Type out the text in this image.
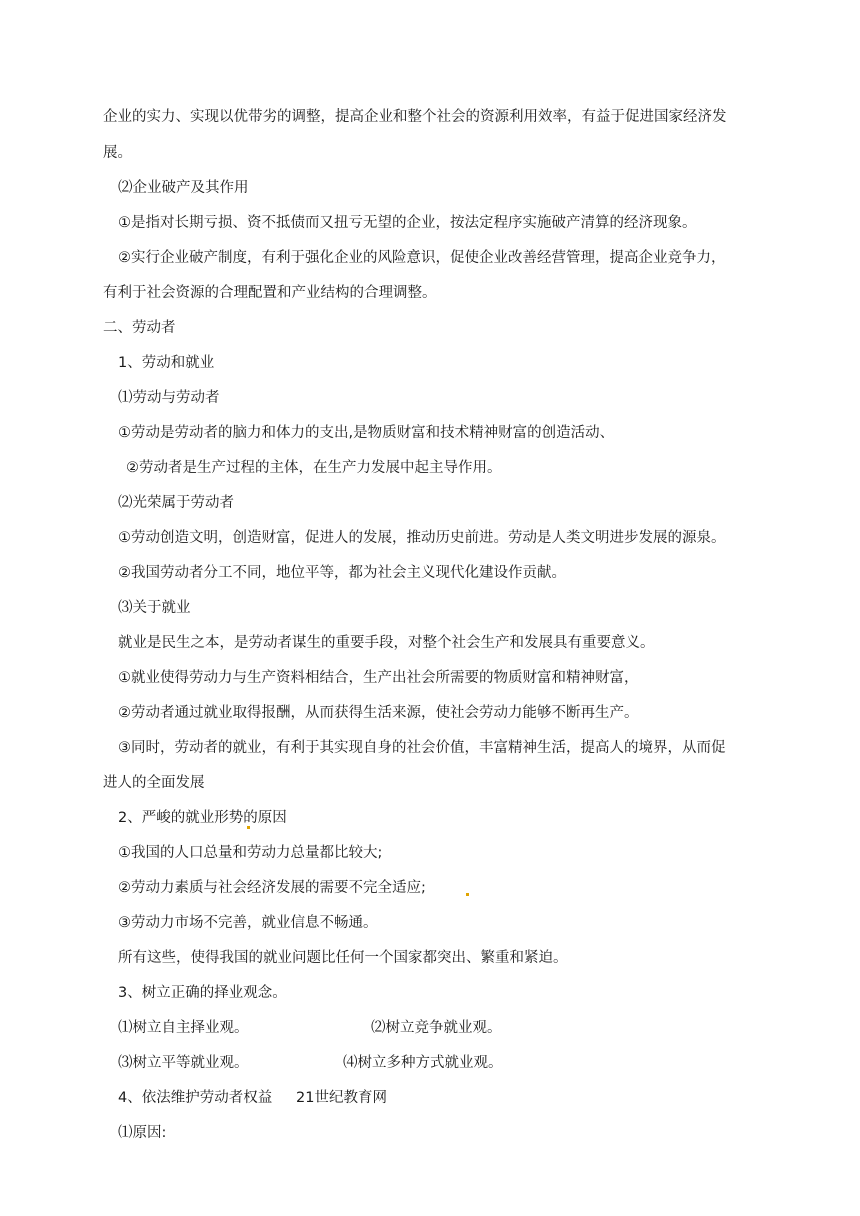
企业的实力、实现以优带劣的调整，提高企业和整个社会的资源利用效率，有益于促进国家经济发
展。
⑵企业破产及其作用
①是指对长期亏损、资不抵债而又扭亏无望的企业，按法定程序实施破产清算的经济现象。
②实行企业破产制度，有利于强化企业的风险意识，促使企业改善经营管理，提高企业竞争力，
有利于社会资源的合理配置和产业结构的合理调整。
二、劳动者
1、劳动和就业
⑴劳动与劳动者
①劳动是劳动者的脑力和体力的支出,是物质财富和技术精神财富的创造活动、
②劳动者是生产过程的主体，在生产力发展中起主导作用。
⑵光荣属于劳动者
①劳动创造文明，创造财富，促进人的发展，推动历史前进。劳动是人类文明进步发展的源泉。
②我国劳动者分工不同，地位平等，都为社会主义现代化建设作贡献。
⑶关于就业
就业是民生之本，是劳动者谋生的重要手段，对整个社会生产和发展具有重要意义。
①就业使得劳动力与生产资料相结合，生产出社会所需要的物质财富和精神财富，
②劳动者通过就业取得报酬，从而获得生活来源，使社会劳动力能够不断再生产。
③同时，劳动者的就业，有利于其实现自身的社会价值，丰富精神生活，提高人的境界，从而促
进人的全面发展
2、严峻的就业形势的原因
①我国的人口总量和劳动力总量都比较大;
②劳动力素质与社会经济发展的需要不完全适应;
③劳动力市场不完善，就业信息不畅通。
所有这些，使得我国的就业问题比任何一个国家都突出、繁重和紧迫。
3、树立正确的择业观念。
⑴树立自主择业观。	⑵树立竞争就业观。
⑶树立平等就业观。	⑷树立多种方式就业观。
4、依法维护劳动者权益 21世纪教育网
⑴原因:
